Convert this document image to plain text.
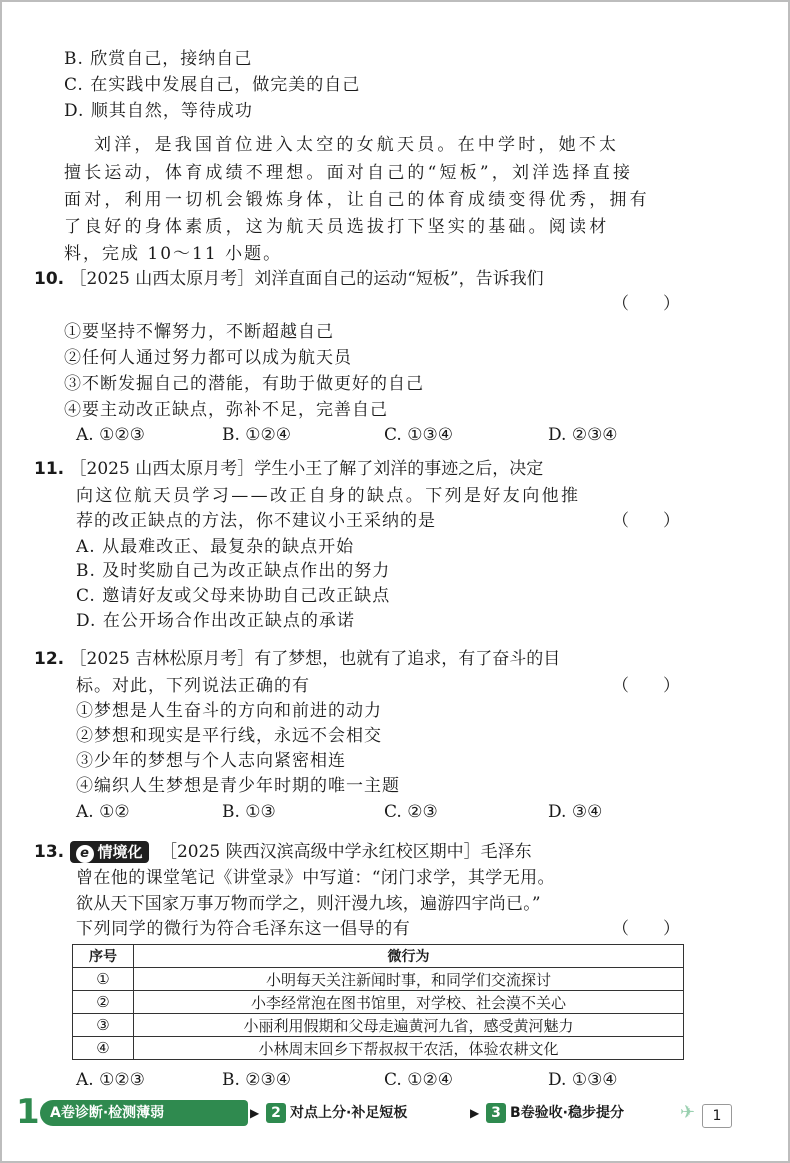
B. 欣赏自己，接纳自己
C. 在实践中发展自己，做完美的自己
D. 顺其自然，等待成功
刘洋，是我国首位进入太空的女航天员。在中学时，她不太
擅长运动，体育成绩不理想。面对自己的“短板”，刘洋选择直接
面对，利用一切机会锻炼身体，让自己的体育成绩变得优秀，拥有
了良好的身体素质，这为航天员选拔打下坚实的基础。阅读材
料，完成 10～11 小题。
10. ［2025 山西太原月考］刘洋直面自己的运动“短板”，告诉我们
（　　）
①要坚持不懈努力，不断超越自己
②任何人通过努力都可以成为航天员
③不断发掘自己的潜能，有助于做更好的自己
④要主动改正缺点，弥补不足，完善自己
A. ①②③	B. ①②④	C. ①③④	D. ②③④
11. ［2025 山西太原月考］学生小王了解了刘洋的事迹之后，决定
向这位航天员学习——改正自身的缺点。下列是好友向他推
荐的改正缺点的方法，你不建议小王采纳的是	（　　）
A. 从最难改正、最复杂的缺点开始
B. 及时奖励自己为改正缺点作出的努力
C. 邀请好友或父母来协助自己改正缺点
D. 在公开场合作出改正缺点的承诺
12. ［2025 吉林松原月考］有了梦想，也就有了追求，有了奋斗的目
标。对此，下列说法正确的有	（　　）
①梦想是人生奋斗的方向和前进的动力
②梦想和现实是平行线，永远不会相交
③少年的梦想与个人志向紧密相连
④编织人生梦想是青少年时期的唯一主题
A. ①②	B. ①③	C. ②③	D. ③④
13. e 情境化 ［2025 陕西汉滨高级中学永红校区期中］毛泽东
曾在他的课堂笔记《讲堂录》中写道：“闭门求学，其学无用。
欲从天下国家万事万物而学之，则汗漫九垓，遍游四宇尚已。”
下列同学的微行为符合毛泽东这一倡导的有	（　　）
序号	微行为
①	小明每天关注新闻时事，和同学们交流探讨
②	小李经常泡在图书馆里，对学校、社会漠不关心
③	小丽利用假期和父母走遍黄河九省，感受黄河魅力
④	小林周末回乡下帮叔叔干农活，体验农耕文化
A. ①②③	B. ②③④	C. ①②④	D. ①③④
1 A卷诊断·检测薄弱	▶ 2 对点上分·补足短板	▶ 3 B卷验收·稳步提分	✈	1
